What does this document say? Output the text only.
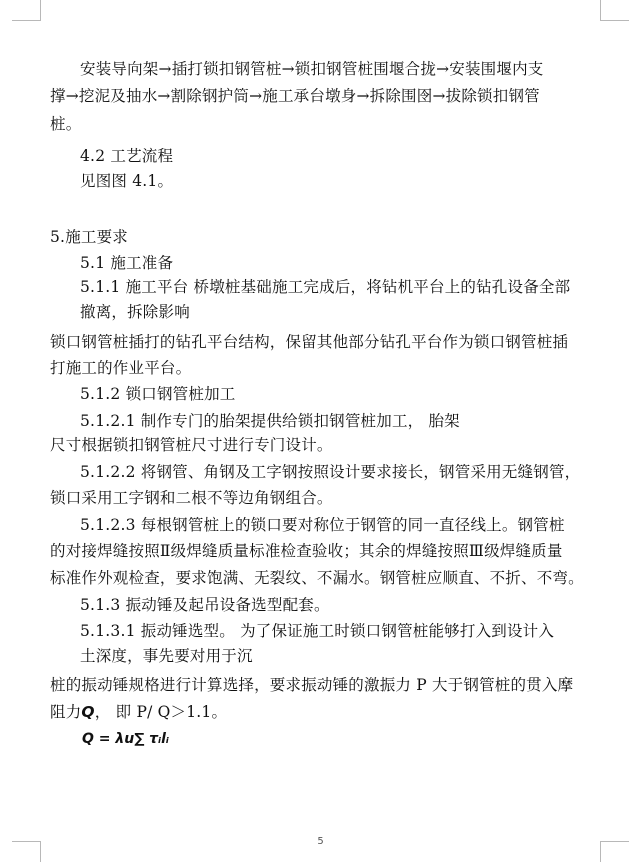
安装导向架→插打锁扣钢管桩→锁扣钢管桩围堰合拢→安装围堰内支
撑→挖泥及抽水→割除钢护筒→施工承台墩身→拆除围囹→拔除锁扣钢管
桩。
4.2 工艺流程
见图图 4.1。
5.施工要求
5.1 施工准备
5.1.1 施工平台 桥墩桩基础施工完成后，将钻机平台上的钻孔设备全部
撤离，拆除影响
锁口钢管桩插打的钻孔平台结构，保留其他部分钻孔平台作为锁口钢管桩插
打施工的作业平台。
5.1.2 锁口钢管桩加工
5.1.2.1 制作专门的胎架提供给锁扣钢管桩加工， 胎架
尺寸根据锁扣钢管桩尺寸进行专门设计。
5.1.2.2 将钢管、角钢及工字钢按照设计要求接长，钢管采用无缝钢管，
锁口采用工字钢和二根不等边角钢组合。
5.1.2.3 每根钢管桩上的锁口要对称位于钢管的同一直径线上。钢管桩
的对接焊缝按照Ⅱ级焊缝质量标准检查验收；其余的焊缝按照Ⅲ级焊缝质量
标准作外观检查，要求饱满、无裂纹、不漏水。钢管桩应顺直、不折、不弯。
5.1.3 振动锤及起吊设备选型配套。
5.1.3.1 振动锤选型。 为了保证施工时锁口钢管桩能够打入到设计入
土深度，事先要对用于沉
桩的振动锤规格进行计算选择，要求振动锤的激振力 P 大于钢管桩的贯入摩
阻力Q， 即 P/ Q＞1.1。
Q = λu∑ τᵢlᵢ
5
